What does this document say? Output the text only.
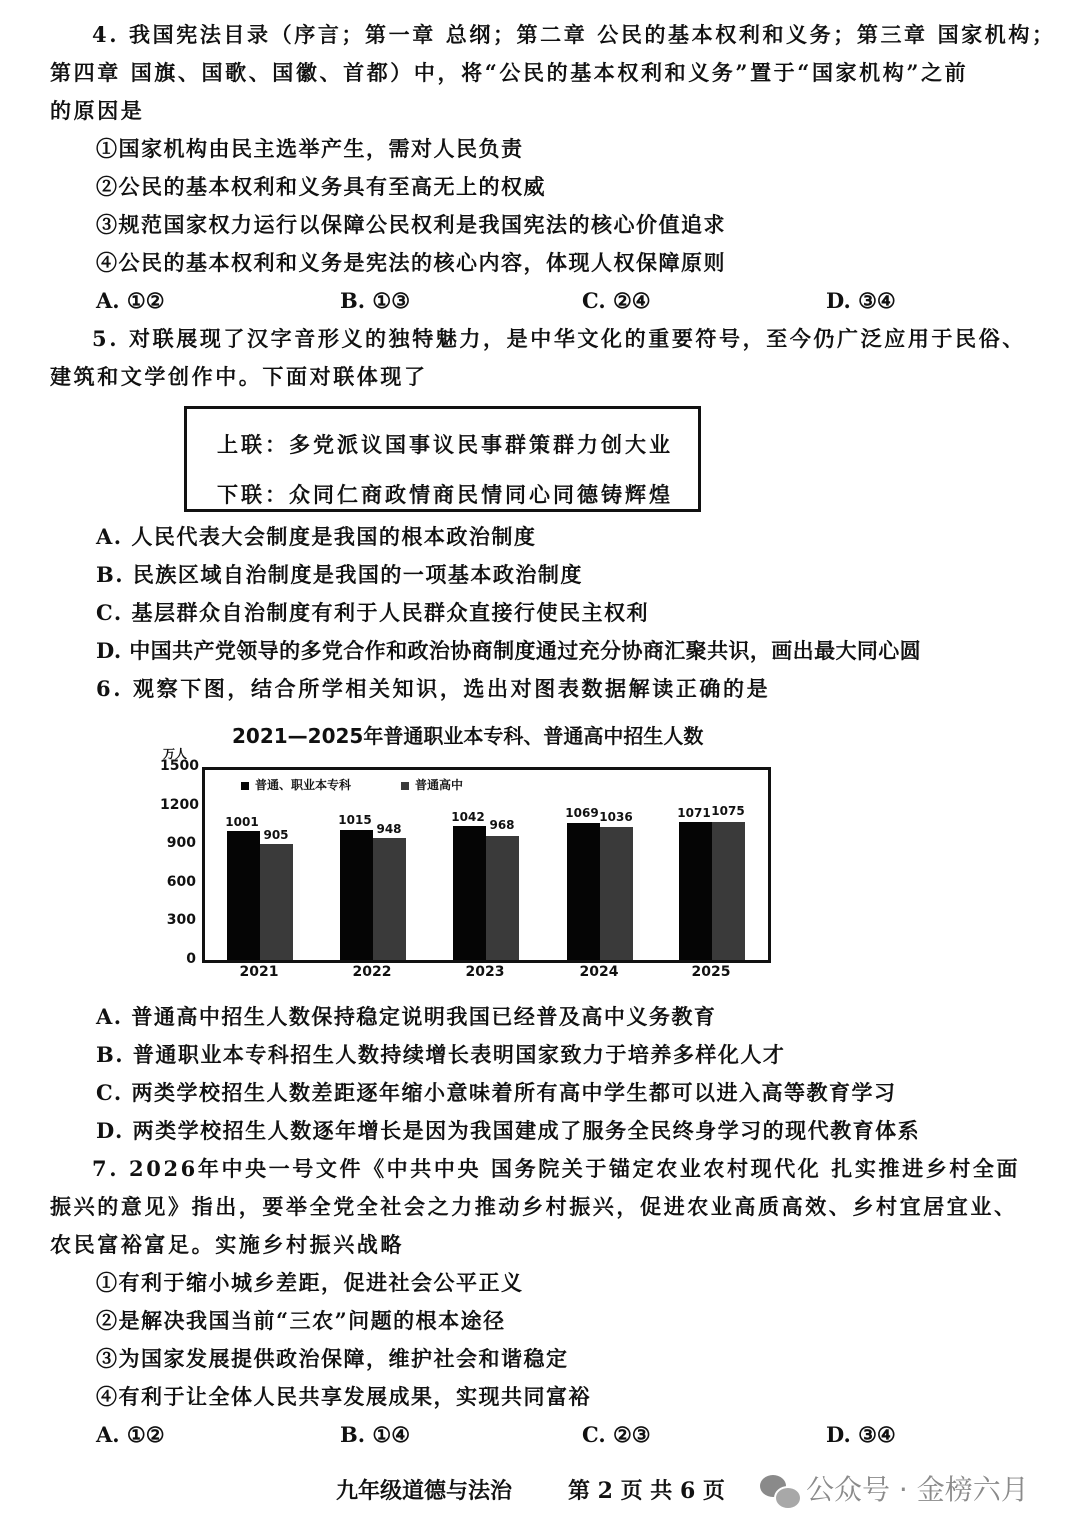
4. 我国宪法目录（序言；第一章 总纲；第二章 公民的基本权利和义务；第三章 国家机构；
第四章 国旗、国歌、国徽、首都）中，将“公民的基本权利和义务”置于“国家机构”之前
的原因是
①国家机构由民主选举产生，需对人民负责
②公民的基本权利和义务具有至高无上的权威
③规范国家权力运行以保障公民权利是我国宪法的核心价值追求
④公民的基本权利和义务是宪法的核心内容，体现人权保障原则
A. ①②	B. ①③	C. ②④	D. ③④
5. 对联展现了汉字音形义的独特魅力，是中华文化的重要符号，至今仍广泛应用于民俗、
建筑和文学创作中。下面对联体现了
上联：多党派议国事议民事群策群力创大业
下联：众同仁商政情商民情同心同德铸辉煌
A. 人民代表大会制度是我国的根本政治制度
B. 民族区域自治制度是我国的一项基本政治制度
C. 基层群众自治制度有利于人民群众直接行使民主权利
D. 中国共产党领导的多党合作和政治协商制度通过充分协商汇聚共识，画出最大同心圆
6. 观察下图，结合所学相关知识，选出对图表数据解读正确的是
2021—2025年普通职业本专科、普通高中招生人数
万人
1500
1200
900
600
300
0
普通、职业本专科	普通高中
1001
905
1015
948
1042
968
1069 1036	1071 1075
2021	2022	2023	2024	2025
A. 普通高中招生人数保持稳定说明我国已经普及高中义务教育
B. 普通职业本专科招生人数持续增长表明国家致力于培养多样化人才
C. 两类学校招生人数差距逐年缩小意味着所有高中学生都可以进入高等教育学习
D. 两类学校招生人数逐年增长是因为我国建成了服务全民终身学习的现代教育体系
7. 2026年中央一号文件《中共中央 国务院关于锚定农业农村现代化 扎实推进乡村全面
振兴的意见》指出，要举全党全社会之力推动乡村振兴，促进农业高质高效、乡村宜居宜业、
农民富裕富足。实施乡村振兴战略
①有利于缩小城乡差距，促进社会公平正义
②是解决我国当前“三农”问题的根本途径
③为国家发展提供政治保障，维护社会和谐稳定
④有利于让全体人民共享发展成果，实现共同富裕
A. ①②	B. ①④	C. ②③	D. ③④
九年级道德与法治	第 2 页 共 6 页	公众号 · 金榜六月
